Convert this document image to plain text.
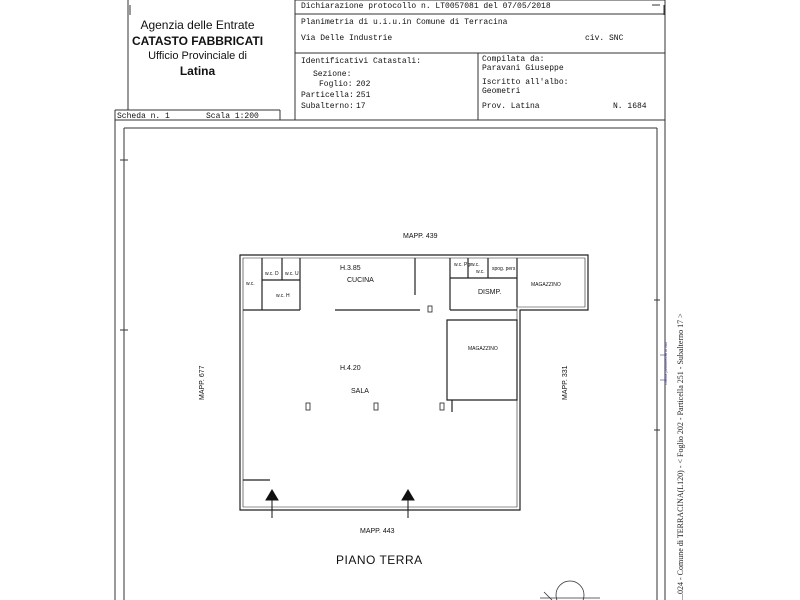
Agenzia delle Entrate
CATASTO FABBRICATI
Ufficio Provinciale di
Latina
Dichiarazione protocollo n. LT0057081 del 07/05/2018
Planimetria di u.i.u.in Comune di Terracina
Via Delle Industrie	civ. SNC
Identificativi Catastali:
Sezione:
Foglio: 202
Particella: 251
Subalterno: 17
Compilata da:
Paravani Giuseppe
Iscritto all'albo:
Geometri
Prov. Latina	N. 1684
Scheda n. 1	Scala 1:200
MAPP. 439
MAPP. 677	MAPP. 331
MAPP. 443
H.3.85
CUCINA
DISMP.
MAGAZZINO
MAGAZZINO
H.4.20
SALA
w.c.
w.c. D w.c. U
w.c. H
w.c. Pgr w.c.
w.c. spog. pers
PIANO TERRA	...024 - Comune di TERRACINA(L120) - < Foglio 202 - Particella 251 - Subalterno 17 >
Ultima planimetria in atti
